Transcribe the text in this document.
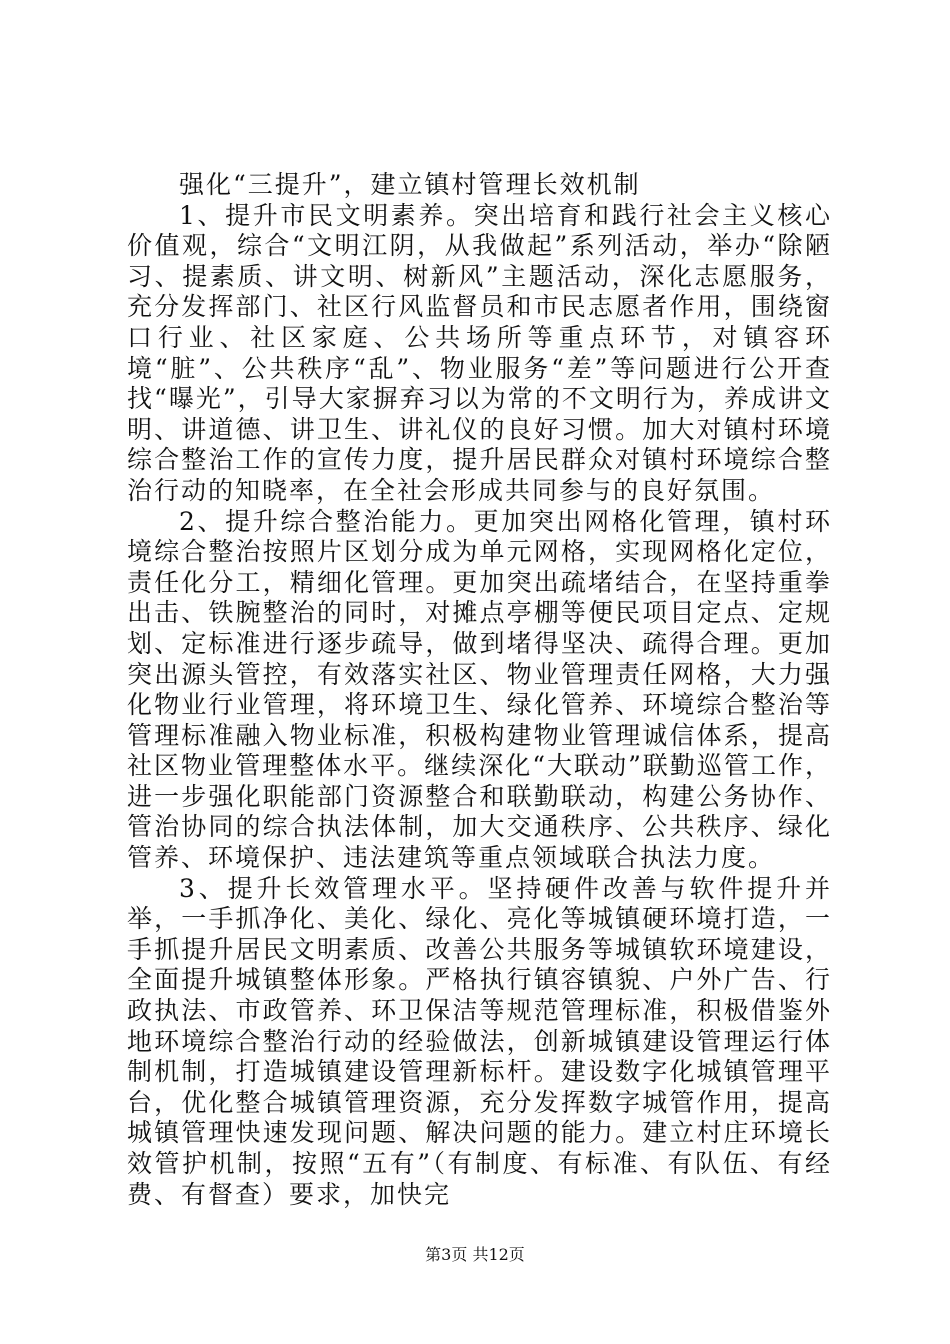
强化“三提升”，建立镇村管理长效机制

1、提升市民文明素养。突出培育和践行社会主义核心价值观，综合“文明江阴，从我做起”系列活动，举办“除陋习、提素质、讲文明、树新风”主题活动，深化志愿服务，充分发挥部门、社区行风监督员和市民志愿者作用，围绕窗口行业、社区家庭、公共场所等重点环节，对镇容环境“脏”、公共秩序“乱”、物业服务“差”等问题进行公开查找“曝光”，引导大家摒弃习以为常的不文明行为，养成讲文明、讲道德、讲卫生、讲礼仪的良好习惯。加大对镇村环境综合整治工作的宣传力度，提升居民群众对镇村环境综合整治行动的知晓率，在全社会形成共同参与的良好氛围。

2、提升综合整治能力。更加突出网格化管理，镇村环境综合整治按照片区划分成为单元网格，实现网格化定位，责任化分工，精细化管理。更加突出疏堵结合，在坚持重拳出击、铁腕整治的同时，对摊点亭棚等便民项目定点、定规划、定标准进行逐步疏导，做到堵得坚决、疏得合理。更加突出源头管控，有效落实社区、物业管理责任网格，大力强化物业行业管理，将环境卫生、绿化管养、环境综合整治等管理标准融入物业标准，积极构建物业管理诚信体系，提高社区物业管理整体水平。继续深化“大联动”联勤巡管工作，进一步强化职能部门资源整合和联勤联动，构建公务协作、管治协同的综合执法体制，加大交通秩序、公共秩序、绿化管养、环境保护、违法建筑等重点领域联合执法力度。

3、提升长效管理水平。坚持硬件改善与软件提升并举，一手抓净化、美化、绿化、亮化等城镇硬环境打造，一手抓提升居民文明素质、改善公共服务等城镇软环境建设，全面提升城镇整体形象。严格执行镇容镇貌、户外广告、行政执法、市政管养、环卫保洁等规范管理标准，积极借鉴外地环境综合整治行动的经验做法，创新城镇建设管理运行体制机制，打造城镇建设管理新标杆。建设数字化城镇管理平台，优化整合城镇管理资源，充分发挥数字城管作用，提高城镇管理快速发现问题、解决问题的能力。建立村庄环境长效管护机制，按照“五有”（有制度、有标准、有队伍、有经费、有督查）要求，加快完

第3页 共12页
